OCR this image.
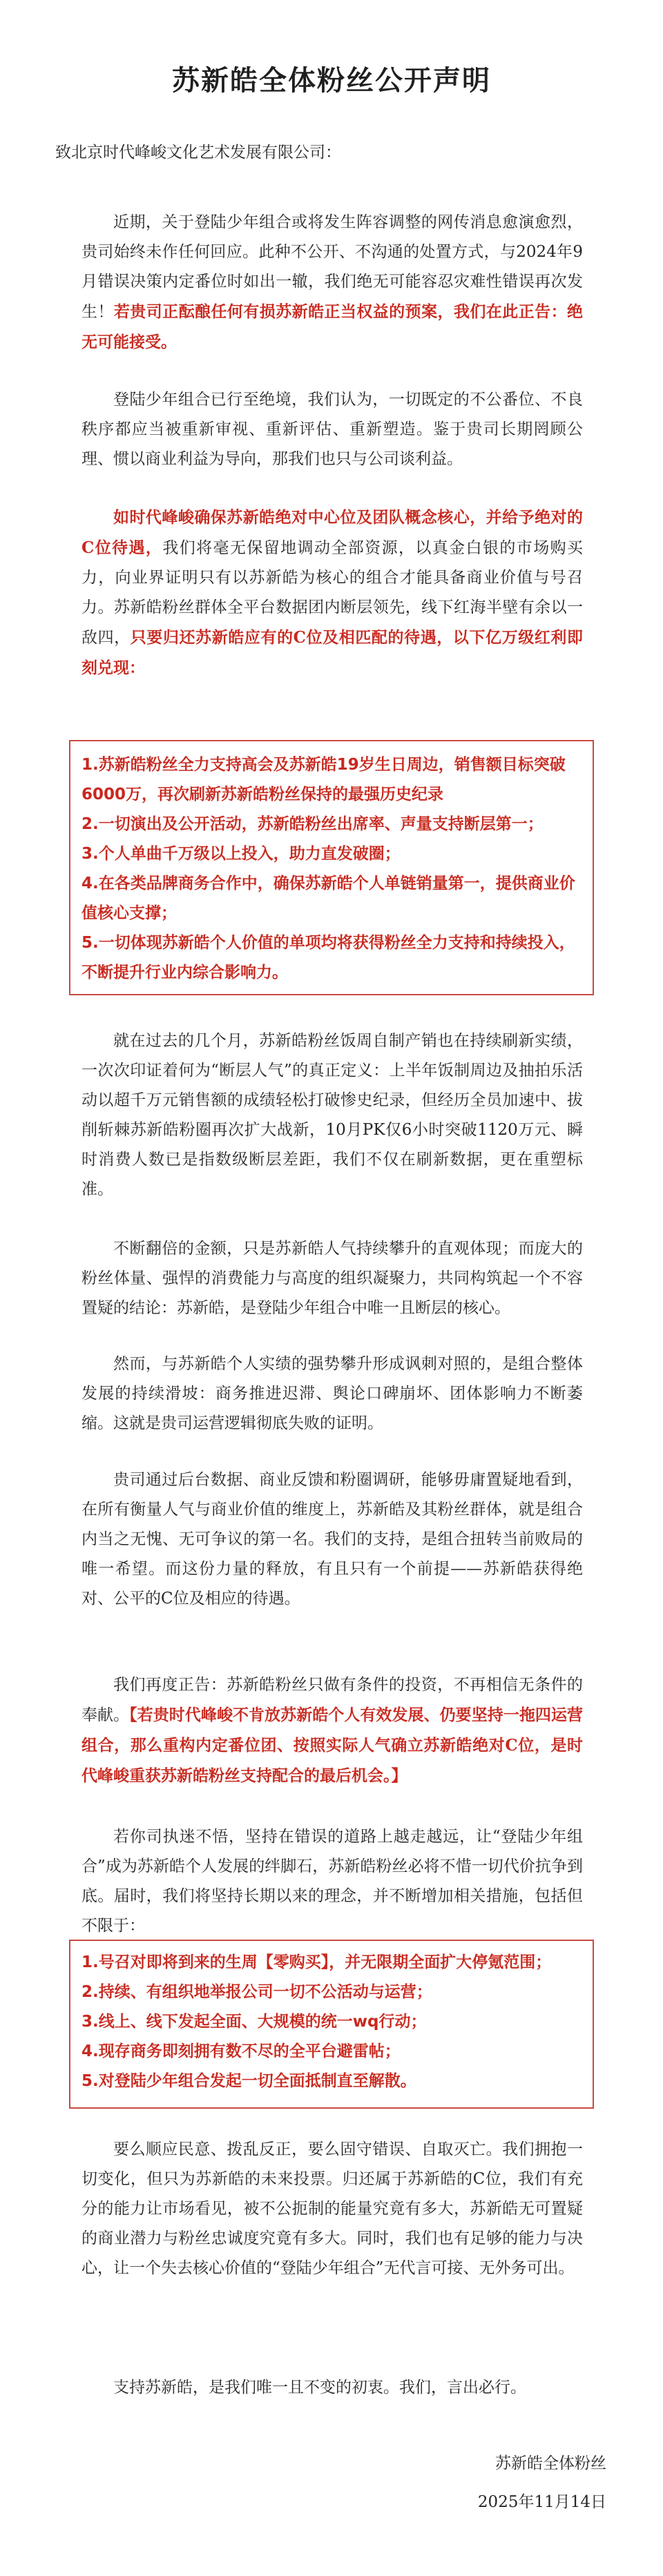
苏新皓全体粉丝公开声明
致北京时代峰峻文化艺术发展有限公司：
近期，关于登陆少年组合或将发生阵容调整的网传消息愈演愈烈，贵司始终未作任何回应。此种不公开、不沟通的处置方式，与2024年9月错误决策内定番位时如出一辙，我们绝无可能容忍灾难性错误再次发生！若贵司正酝酿任何有损苏新皓正当权益的预案，我们在此正告：绝无可能接受。
登陆少年组合已行至绝境，我们认为，一切既定的不公番位、不良秩序都应当被重新审视、重新评估、重新塑造。鉴于贵司长期罔顾公理、惯以商业利益为导向，那我们也只与公司谈利益。
如时代峰峻确保苏新皓绝对中心位及团队概念核心，并给予绝对的C位待遇，我们将毫无保留地调动全部资源，以真金白银的市场购买力，向业界证明只有以苏新皓为核心的组合才能具备商业价值与号召力。苏新皓粉丝群体全平台数据团内断层领先，线下红海半壁有余以一敌四，只要归还苏新皓应有的C位及相匹配的待遇，以下亿万级红利即刻兑现：
1.苏新皓粉丝全力支持高会及苏新皓19岁生日周边，销售额目标突破 6000万，再次刷新苏新皓粉丝保持的最强历史纪录
2.一切演出及公开活动，苏新皓粉丝出席率、声量支持断层第一；
3.个人单曲千万级以上投入，助力直发破圈；
4.在各类品牌商务合作中，确保苏新皓个人单链销量第一，提供商业价值核心支撑；
5.一切体现苏新皓个人价值的单项均将获得粉丝全力支持和持续投入，不断提升行业内综合影响力。
就在过去的几个月，苏新皓粉丝饭周自制产销也在持续刷新实绩，一次次印证着何为“断层人气”的真正定义：上半年饭制周边及抽拍乐活动以超千万元销售额的成绩轻松打破惨史纪录，但经历全员加速中、拔削斩棘苏新皓粉圈再次扩大战新，10月PK仅6小时突破1120万元、瞬时消费人数已是指数级断层差距，我们不仅在刷新数据，更在重塑标准。
不断翻倍的金额，只是苏新皓人气持续攀升的直观体现；而庞大的粉丝体量、强悍的消费能力与高度的组织凝聚力，共同构筑起一个不容置疑的结论：苏新皓，是登陆少年组合中唯一且断层的核心。
然而，与苏新皓个人实绩的强势攀升形成讽刺对照的，是组合整体发展的持续滑坡：商务推进迟滞、舆论口碑崩坏、团体影响力不断萎缩。这就是贵司运营逻辑彻底失败的证明。
贵司通过后台数据、商业反馈和粉圈调研，能够毋庸置疑地看到，在所有衡量人气与商业价值的维度上，苏新皓及其粉丝群体，就是组合内当之无愧、无可争议的第一名。我们的支持，是组合扭转当前败局的唯一希望。而这份力量的释放，有且只有一个前提——苏新皓获得绝对、公平的C位及相应的待遇。
我们再度正告：苏新皓粉丝只做有条件的投资，不再相信无条件的奉献。【若贵时代峰峻不肯放苏新皓个人有效发展、仍要坚持一拖四运营组合，那么重构内定番位团、按照实际人气确立苏新皓绝对C位，是时代峰峻重获苏新皓粉丝支持配合的最后机会。】
若你司执迷不悟，坚持在错误的道路上越走越远，让“登陆少年组合”成为苏新皓个人发展的绊脚石，苏新皓粉丝必将不惜一切代价抗争到底。届时，我们将坚持长期以来的理念，并不断增加相关措施，包括但不限于：
1.号召对即将到来的生周【零购买】，并无限期全面扩大停氪范围；
2.持续、有组织地举报公司一切不公活动与运营；
3.线上、线下发起全面、大规模的统一wq行动；
4.现存商务即刻拥有数不尽的全平台避雷帖；
5.对登陆少年组合发起一切全面抵制直至解散。
要么顺应民意、拨乱反正，要么固守错误、自取灭亡。我们拥抱一切变化，但只为苏新皓的未来投票。归还属于苏新皓的C位，我们有充分的能力让市场看见，被不公扼制的能量究竟有多大，苏新皓无可置疑的商业潜力与粉丝忠诚度究竟有多大。同时，我们也有足够的能力与决心，让一个失去核心价值的“登陆少年组合”无代言可接、无外务可出。
支持苏新皓，是我们唯一且不变的初衷。我们，言出必行。
苏新皓全体粉丝
2025年11月14日
